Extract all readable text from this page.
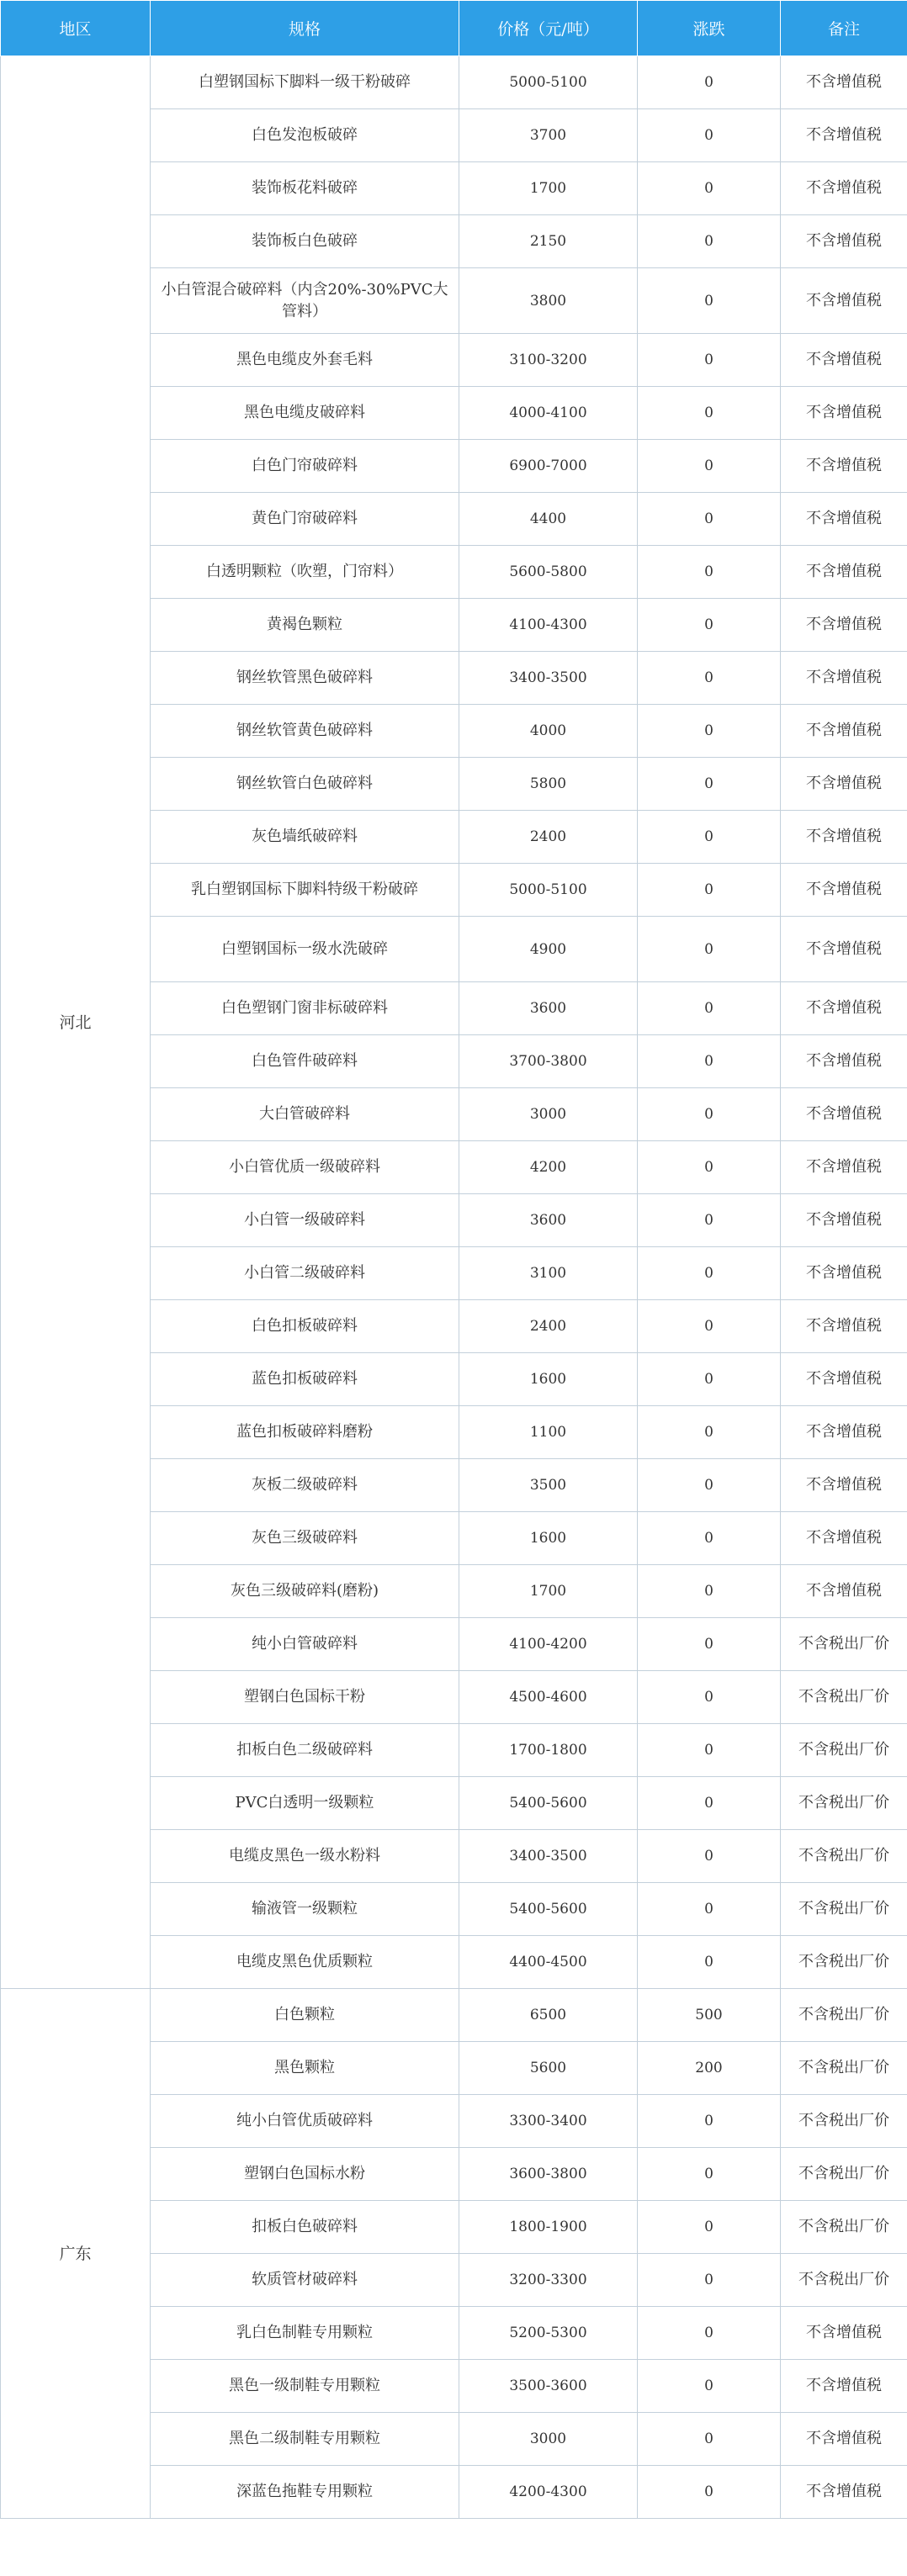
地区	规格	价格（元/吨）	涨跌	备注
河北	白塑钢国标下脚料一级干粉破碎	5000-5100	0	不含增值税
	白色发泡板破碎	3700	0	不含增值税
	装饰板花料破碎	1700	0	不含增值税
	装饰板白色破碎	2150	0	不含增值税
	小白管混合破碎料（内含20%-30%PVC大管料）	3800	0	不含增值税
	黑色电缆皮外套毛料	3100-3200	0	不含增值税
	黑色电缆皮破碎料	4000-4100	0	不含增值税
	白色门帘破碎料	6900-7000	0	不含增值税
	黄色门帘破碎料	4400	0	不含增值税
	白透明颗粒（吹塑，门帘料）	5600-5800	0	不含增值税
	黄褐色颗粒	4100-4300	0	不含增值税
	钢丝软管黑色破碎料	3400-3500	0	不含增值税
	钢丝软管黄色破碎料	4000	0	不含增值税
	钢丝软管白色破碎料	5800	0	不含增值税
	灰色墙纸破碎料	2400	0	不含增值税
	乳白塑钢国标下脚料特级干粉破碎	5000-5100	0	不含增值税
	白塑钢国标一级水洗破碎	4900	0	不含增值税
	白色塑钢门窗非标破碎料	3600	0	不含增值税
	白色管件破碎料	3700-3800	0	不含增值税
	大白管破碎料	3000	0	不含增值税
	小白管优质一级破碎料	4200	0	不含增值税
	小白管一级破碎料	3600	0	不含增值税
	小白管二级破碎料	3100	0	不含增值税
	白色扣板破碎料	2400	0	不含增值税
	蓝色扣板破碎料	1600	0	不含增值税
	蓝色扣板破碎料磨粉	1100	0	不含增值税
	灰板二级破碎料	3500	0	不含增值税
	灰色三级破碎料	1600	0	不含增值税
	灰色三级破碎料(磨粉)	1700	0	不含增值税
	纯小白管破碎料	4100-4200	0	不含税出厂价
	塑钢白色国标干粉	4500-4600	0	不含税出厂价
	扣板白色二级破碎料	1700-1800	0	不含税出厂价
	PVC白透明一级颗粒	5400-5600	0	不含税出厂价
	电缆皮黑色一级水粉料	3400-3500	0	不含税出厂价
	输液管一级颗粒	5400-5600	0	不含税出厂价
	电缆皮黑色优质颗粒	4400-4500	0	不含税出厂价
广东	白色颗粒	6500	500	不含税出厂价
	黑色颗粒	5600	200	不含税出厂价
	纯小白管优质破碎料	3300-3400	0	不含税出厂价
	塑钢白色国标水粉	3600-3800	0	不含税出厂价
	扣板白色破碎料	1800-1900	0	不含税出厂价
	软质管材破碎料	3200-3300	0	不含税出厂价
	乳白色制鞋专用颗粒	5200-5300	0	不含增值税
	黑色一级制鞋专用颗粒	3500-3600	0	不含增值税
	黑色二级制鞋专用颗粒	3000	0	不含增值税
	深蓝色拖鞋专用颗粒	4200-4300	0	不含增值税
